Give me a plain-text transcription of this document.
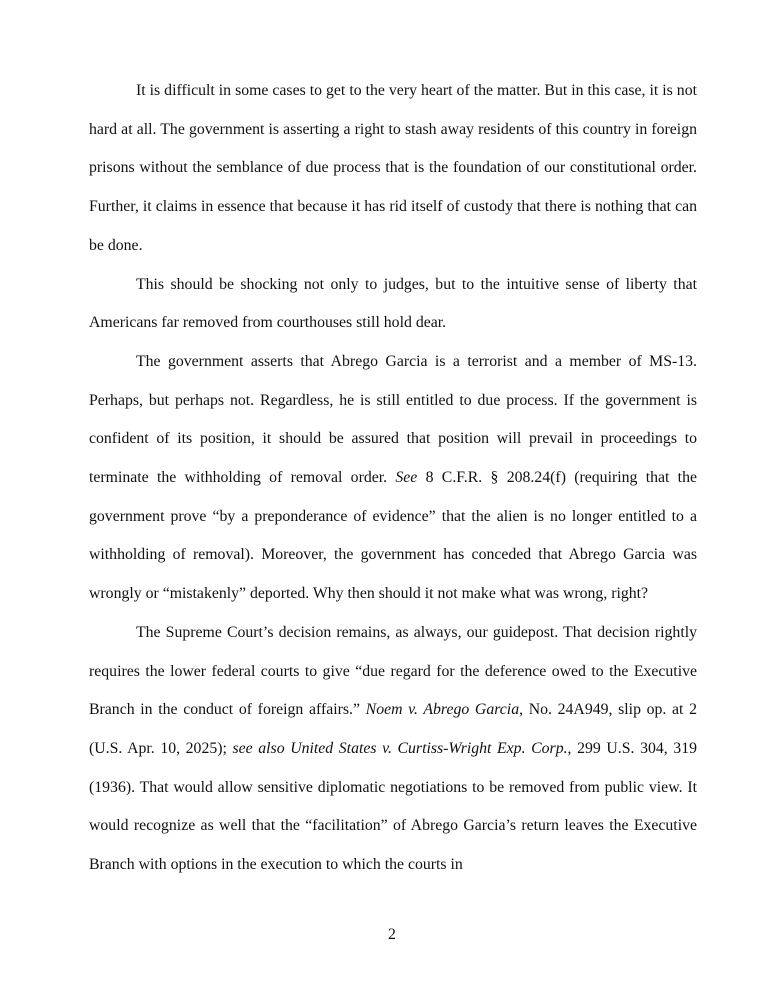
It is difficult in some cases to get to the very heart of the matter. But in this case, it is not hard at all. The government is asserting a right to stash away residents of this country in foreign prisons without the semblance of due process that is the foundation of our constitutional order. Further, it claims in essence that because it has rid itself of custody that there is nothing that can be done.

This should be shocking not only to judges, but to the intuitive sense of liberty that Americans far removed from courthouses still hold dear.

The government asserts that Abrego Garcia is a terrorist and a member of MS-13. Perhaps, but perhaps not. Regardless, he is still entitled to due process. If the government is confident of its position, it should be assured that position will prevail in proceedings to terminate the withholding of removal order. See 8 C.F.R. § 208.24(f) (requiring that the government prove “by a preponderance of evidence” that the alien is no longer entitled to a withholding of removal). Moreover, the government has conceded that Abrego Garcia was wrongly or “mistakenly” deported. Why then should it not make what was wrong, right?

The Supreme Court’s decision remains, as always, our guidepost. That decision rightly requires the lower federal courts to give “due regard for the deference owed to the Executive Branch in the conduct of foreign affairs.” Noem v. Abrego Garcia, No. 24A949, slip op. at 2 (U.S. Apr. 10, 2025); see also United States v. Curtiss-Wright Exp. Corp., 299 U.S. 304, 319 (1936). That would allow sensitive diplomatic negotiations to be removed from public view. It would recognize as well that the “facilitation” of Abrego Garcia’s return leaves the Executive Branch with options in the execution to which the courts in

2
